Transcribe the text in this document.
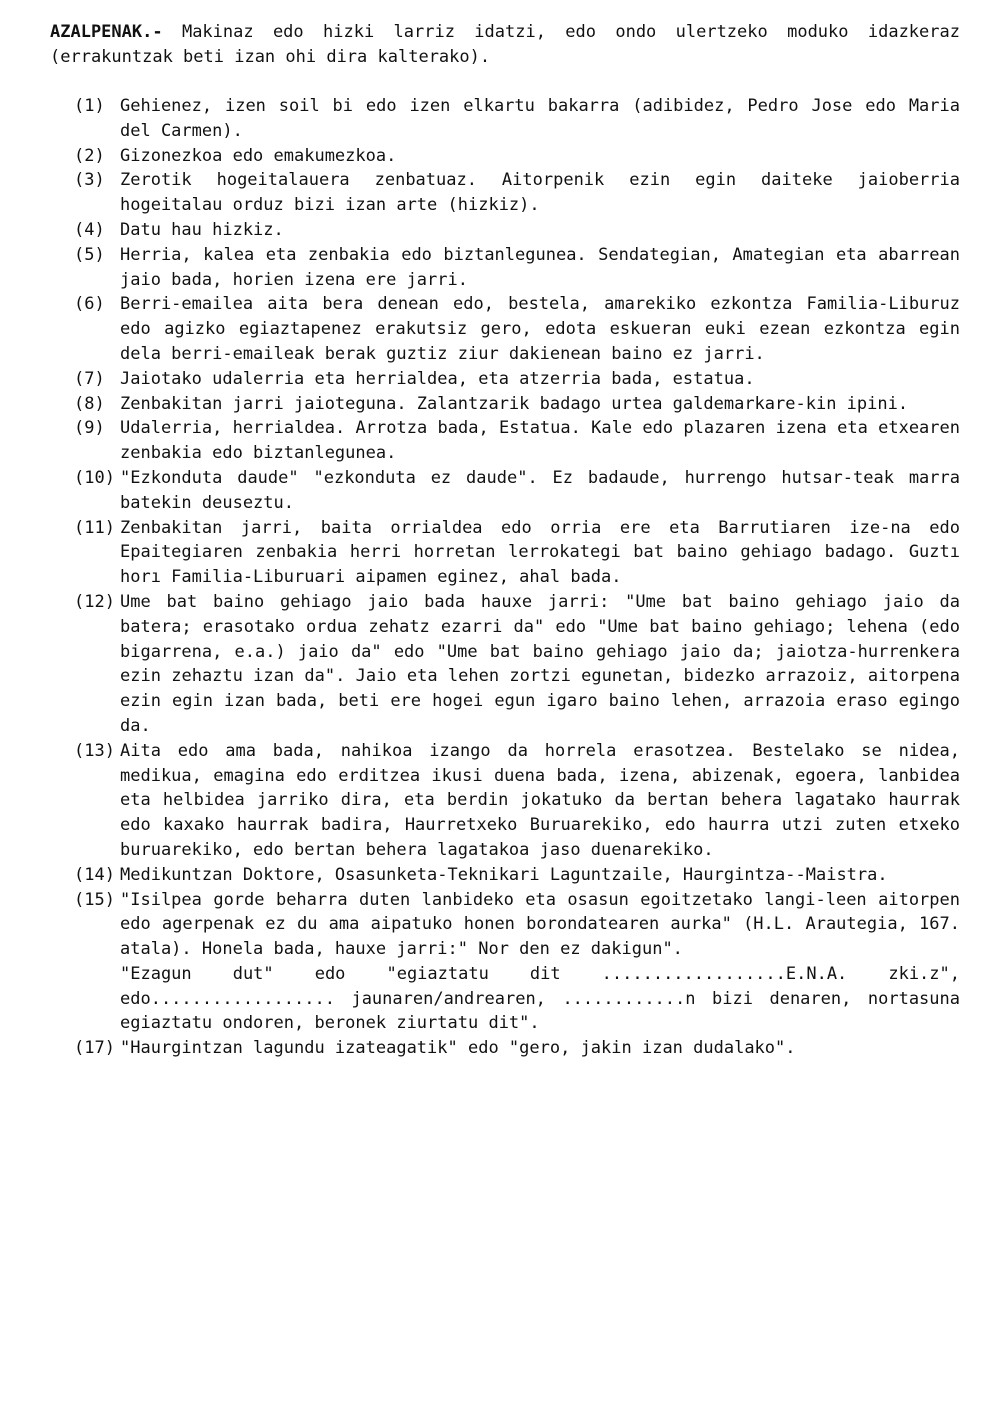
AZALPENAK.- Makinaz edo hizki larriz idatzi, edo ondo ulertzeko moduko idazkeraz (errakuntzak beti izan ohi dira kalterako).

(1) Gehienez, izen soil bi edo izen elkartu bakarra (adibidez, Pedro Jose edo Maria del Carmen).
(2) Gizonezkoa edo emakumezkoa.
(3) Zerotik hogeitalauera zenbatuaz. Aitorpenik ezin egin daiteke jaioberria hogeitalau orduz bizi izan arte (hizkiz).
(4) Datu hau hizkiz.
(5) Herria, kalea eta zenbakia edo biztanlegunea. Sendategian, Amategian eta abarrean jaio bada, horien izena ere jarri.
(6) Berri-emailea aita bera denean edo, bestela, amarekiko ezkontza Familia-Liburuz edo agizko egiaztapenez erakutsiz gero, edota eskueran euki ezean ezkontza egin dela berri-emaileak berak guztiz ziur dakienean baino ez jarri.
(7) Jaiotako udalerria eta herrialdea, eta atzerria bada, estatua.
(8) Zenbakitan jarri jaioteguna. Zalantzarik badago urtea galdemarkare-kin ipini.
(9) Udalerria, herrialdea. Arrotza bada, Estatua. Kale edo plazaren izena eta etxearen zenbakia edo biztanlegunea.
(10) "Ezkonduta daude" "ezkonduta ez daude". Ez badaude, hurrengo hutsar-teak marra batekin deuseztu.
(11) Zenbakitan jarri, baita orrialdea edo orria ere eta Barrutiaren ize-na edo Epaitegiaren zenbakia herri horretan lerrokategi bat baino gehiago badago. Guztı horı Familia-Liburuari aipamen eginez, ahal bada.
(12) Ume bat baino gehiago jaio bada hauxe jarri: "Ume bat baino gehiago jaio da batera; erasotako ordua zehatz ezarri da" edo "Ume bat baino gehiago; lehena (edo bigarrena, e.a.) jaio da" edo "Ume bat baino gehiago jaio da; jaiotza-hurrenkera ezin zehaztu izan da". Jaio eta lehen zortzi egunetan, bidezko arrazoiz, aitorpena ezin egin izan bada, beti ere hogei egun igaro baino lehen, arrazoia eraso egingo da.
(13) Aita edo ama bada, nahikoa izango da horrela erasotzea. Bestelako se nidea, medikua, emagina edo erditzea ikusi duena bada, izena, abizenak, egoera, lanbidea eta helbidea jarriko dira, eta berdin jokatuko da bertan behera lagatako haurrak edo kaxako haurrak badira, Haurretxeko Buruarekiko, edo haurra utzi zuten etxeko buruarekiko, edo bertan behera lagatakoa jaso duenarekiko.
(14) Medikuntzan Doktore, Osasunketa-Teknikari Laguntzaile, Haurgintza--Maistra.
(15) "Isilpea gorde beharra duten lanbideko eta osasun egoitzetako langi-leen aitorpen edo agerpenak ez du ama aipatuko honen borondatearen aurka" (H.L. Arautegia, 167. atala). Honela bada, hauxe jarri:" Nor den ez dakigun".
"Ezagun dut" edo "egiaztatu dit ..................E.N.A. zki.z", edo.................. jaunaren/andrearen, ............n bizi denaren, nortasuna egiaztatu ondoren, beronek ziurtatu dit".
(17) "Haurgintzan lagundu izateagatik" edo "gero, jakin izan dudalako".
